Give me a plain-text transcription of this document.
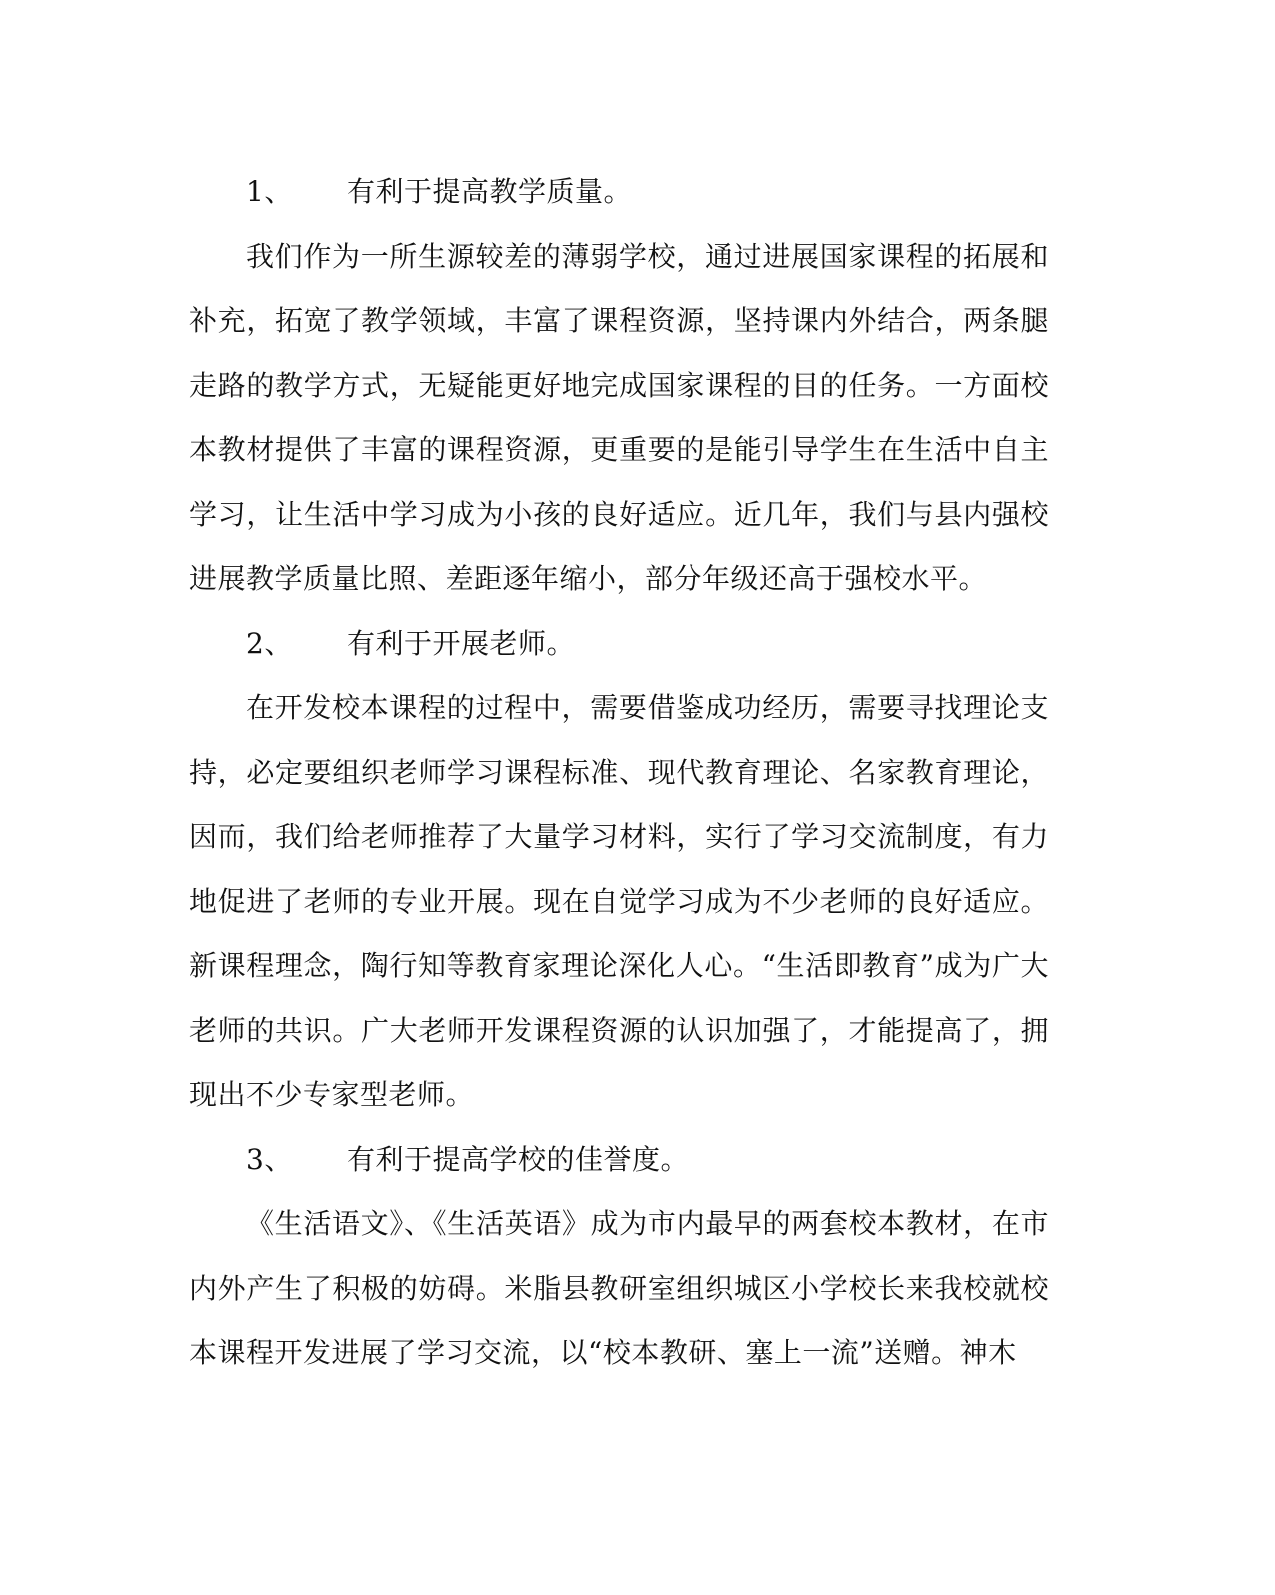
1、 有利于提高教学质量。

我们作为一所生源较差的薄弱学校，通过进展国家课程的拓展和补充，拓宽了教学领域，丰富了课程资源，坚持课内外结合，两条腿走路的教学方式，无疑能更好地完成国家课程的目的任务。一方面校本教材提供了丰富的课程资源，更重要的是能引导学生在生活中自主学习，让生活中学习成为小孩的良好适应。近几年，我们与县内强校进展教学质量比照、差距逐年缩小，部分年级还高于强校水平。

2、 有利于开展老师。

在开发校本课程的过程中，需要借鉴成功经历，需要寻找理论支持，必定要组织老师学习课程标准、现代教育理论、名家教育理论，因而，我们给老师推荐了大量学习材料，实行了学习交流制度，有力地促进了老师的专业开展。现在自觉学习成为不少老师的良好适应。新课程理念，陶行知等教育家理论深化人心。“生活即教育”成为广大老师的共识。广大老师开发课程资源的认识加强了，才能提高了，拥现出不少专家型老师。

3、 有利于提高学校的佳誉度。

《生活语文》、《生活英语》成为市内最早的两套校本教材，在市内外产生了积极的妨碍。米脂县教研室组织城区小学校长来我校就校本课程开发进展了学习交流，以“校本教研、塞上一流”送赠。神木
